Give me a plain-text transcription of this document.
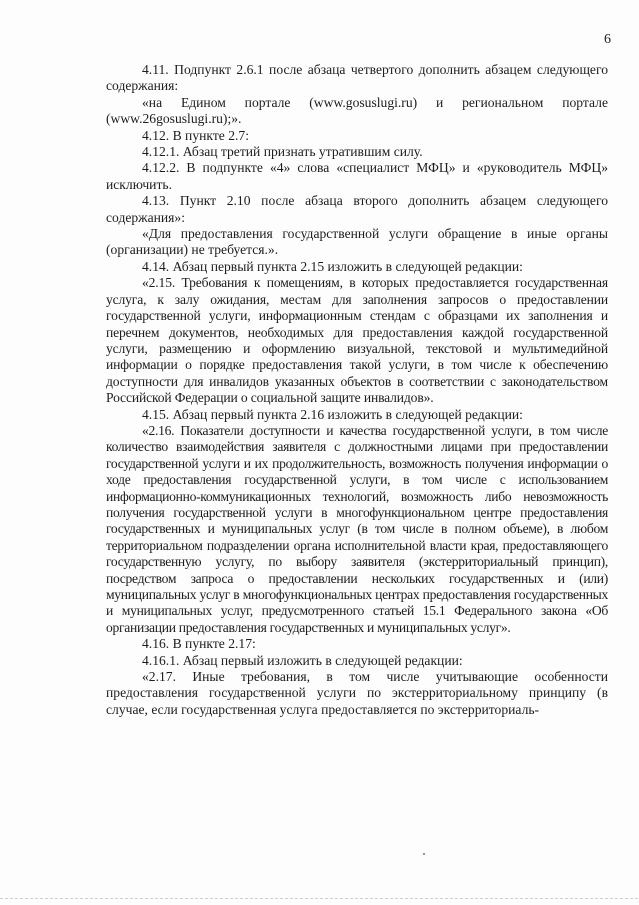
6

4.11. Подпункт 2.6.1 после абзаца четвертого дополнить абзацем следующего содержания:

«на Едином портале (www.gosuslugi.ru) и региональном портале (www.26gosuslugi.ru);».

4.12. В пункте 2.7:

4.12.1. Абзац третий признать утратившим силу.

4.12.2. В подпункте «4» слова «специалист МФЦ» и «руководитель МФЦ» исключить.

4.13. Пункт 2.10 после абзаца второго дополнить абзацем следующего содержания»:

«Для предоставления государственной услуги обращение в иные органы (организации) не требуется.».

4.14. Абзац первый пункта 2.15 изложить в следующей редакции:

«2.15. Требования к помещениям, в которых предоставляется государственная услуга, к залу ожидания, местам для заполнения запросов о предоставлении государственной услуги, информационным стендам с образцами их заполнения и перечнем документов, необходимых для предоставления каждой государственной услуги, размещению и оформлению визуальной, текстовой и мультимедийной информации о порядке предоставления такой услуги, в том числе к обеспечению доступности для инвалидов указанных объектов в соответствии с законодательством Российской Федерации о социальной защите инвалидов».

4.15. Абзац первый пункта 2.16 изложить в следующей редакции:

«2.16. Показатели доступности и качества государственной услуги, в том числе количество взаимодействия заявителя с должностными лицами при предоставлении государственной услуги и их продолжительность, возможность получения информации о ходе предоставления государственной услуги, в том числе с использованием информационно-коммуникационных технологий, возможность либо невозможность получения государственной услуги в многофункциональном центре предоставления государственных и муниципальных услуг (в том числе в полном объеме), в любом территориальном подразделении органа исполнительной власти края, предоставляющего государственную услугу, по выбору заявителя (экстерриториальный принцип), посредством запроса о предоставлении нескольких государственных и (или) муниципальных услуг в многофункциональных центрах предоставления государственных и муниципальных услуг, предусмотренного статьей 15.1 Федерального закона «Об организации предоставления государственных и муниципальных услуг».

4.16. В пункте 2.17:

4.16.1. Абзац первый изложить в следующей редакции:

«2.17. Иные требования, в том числе учитывающие особенности предоставления государственной услуги по экстерриториальному принципу (в случае, если государственная услуга предоставляется по экстерриториаль-
